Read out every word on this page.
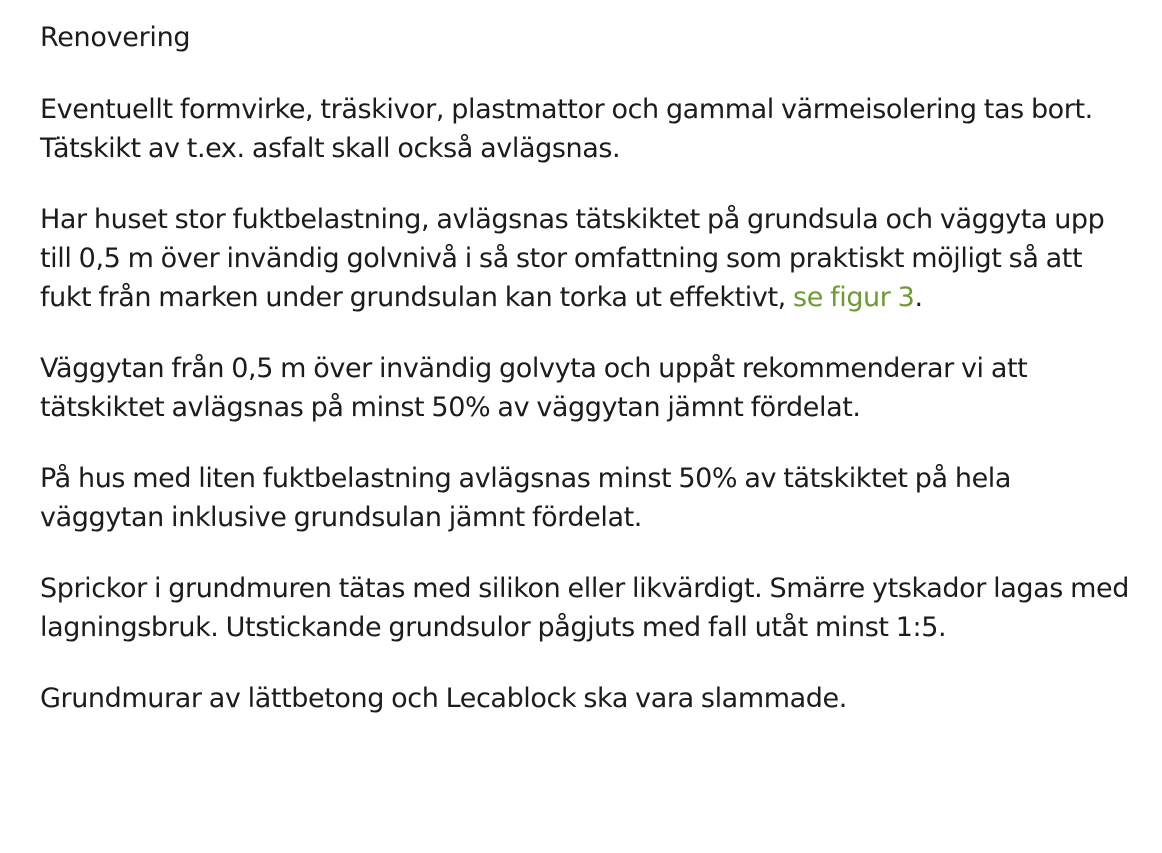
Renovering

Eventuellt formvirke, träskivor, plastmattor och gammal värmeisolering tas bort. Tätskikt av t.ex. asfalt skall också avlägsnas.

Har huset stor fuktbelastning, avlägsnas tätskiktet på grundsula och väggyta upp till 0,5 m över invändig golvnivå i så stor omfattning som praktiskt möjligt så att fukt från marken under grundsulan kan torka ut effektivt, se figur 3.

Väggytan från 0,5 m över invändig golvyta och uppåt rekommenderar vi att tätskiktet avlägsnas på minst 50% av väggytan jämnt fördelat.

På hus med liten fuktbelastning avlägsnas minst 50% av tätskiktet på hela väggytan inklusive grundsulan jämnt fördelat.

Sprickor i grundmuren tätas med silikon eller likvärdigt. Smärre ytskador lagas med lagningsbruk. Utstickande grundsulor pågjuts med fall utåt minst 1:5.

Grundmurar av lättbetong och Lecablock ska vara slammade.
